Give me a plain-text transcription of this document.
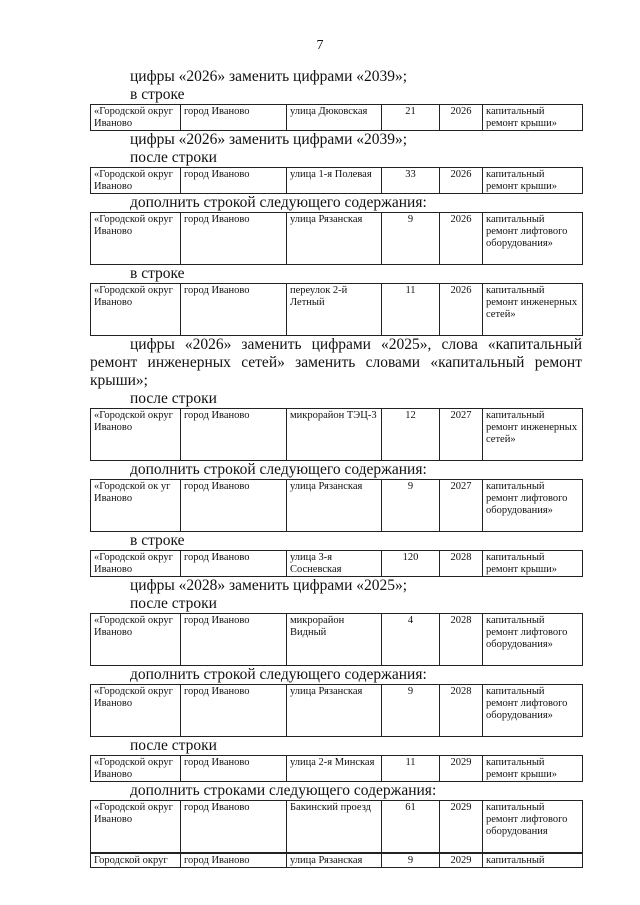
7

цифры «2026» заменить цифрами «2039»;

в строке

«Городской округ Иваново	город Иваново	улица Дюковская	21	2026	капитальный ремонт крыши»

цифры «2026» заменить цифрами «2039»;

после строки

«Городской округ Иваново	город Иваново	улица 1-я Полевая	33	2026	капитальный ремонт крыши»

дополнить строкой следующего содержания:

«Городской округ Иваново	город Иваново	улица Рязанская	9	2026	капитальный ремонт лифтового оборудования»

в строке

«Городской округ Иваново	город Иваново	переулок 2-й Летный	11	2026	капитальный ремонт инженерных сетей»

цифры «2026» заменить цифрами «2025», слова «капитальный ремонт инженерных сетей» заменить словами «капитальный ремонт крыши»;

после строки

«Городской округ Иваново	город Иваново	микрорайон ТЭЦ-3	12	2027	капитальный ремонт инженерных сетей»

дополнить строкой следующего содержания:

«Городской ок уг Иваново	город Иваново	улица Рязанская	9	2027	капитальный ремонт лифтового оборудования»

в строке

«Городской округ Иваново	город Иваново	улица 3-я Сосневская	120	2028	капитальный ремонт крыши»

цифры «2028» заменить цифрами «2025»;

после строки

«Городской округ Иваново	город Иваново	микрорайон Видный	4	2028	капитальный ремонт лифтового оборудования»

дополнить строкой следующего содержания:

«Городской округ Иваново	город Иваново	улица Рязанская	9	2028	капитальный ремонт лифтового оборудования»

после строки

«Городской округ Иваново	город Иваново	улица 2-я Минская	11	2029	капитальный ремонт крыши»

дополнить строками следующего содержания:

«Городской округ Иваново	город Иваново	Бакинский проезд	61	2029	капитальный ремонт лифтового оборудования
Городской округ	город Иваново	улица Рязанская	9	2029	капитальный
